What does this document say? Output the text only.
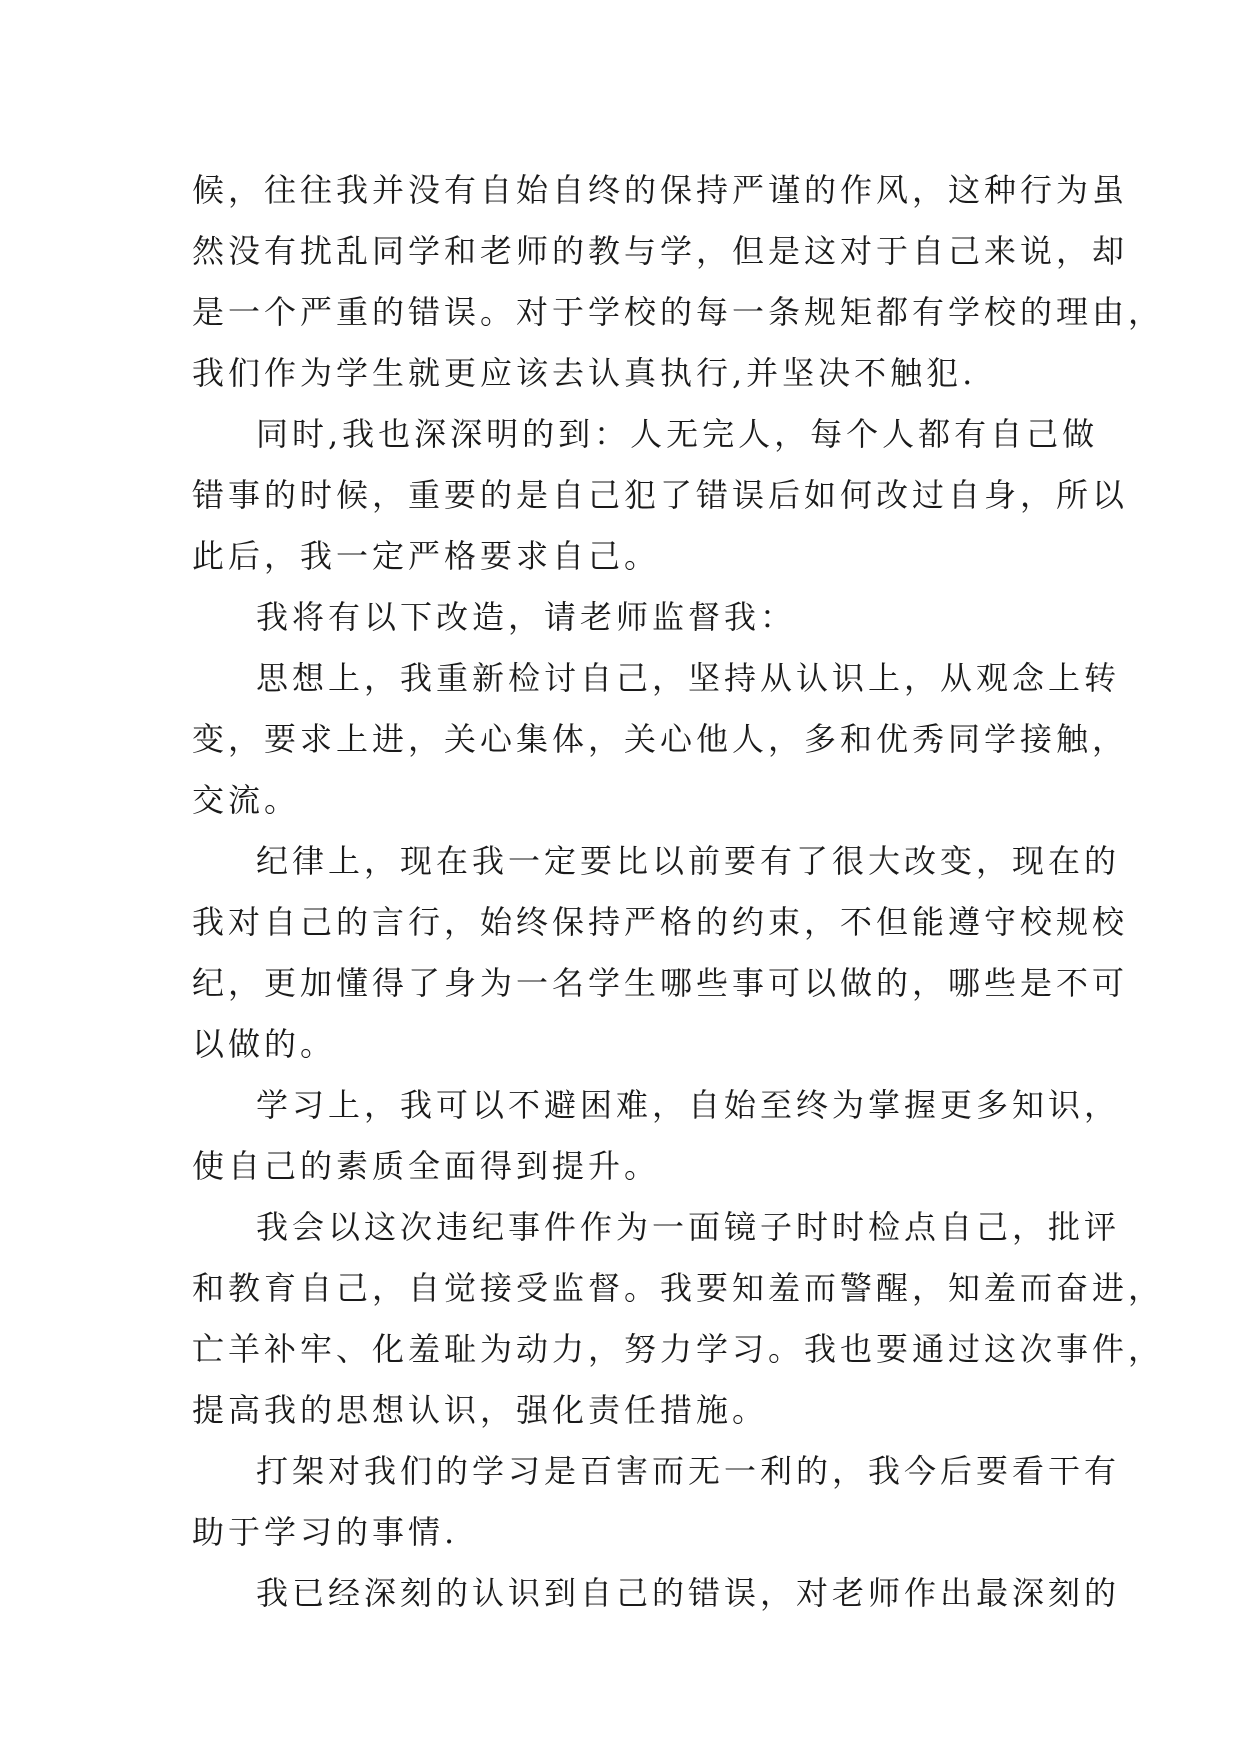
候，往往我并没有自始自终的保持严谨的作风，这种行为虽
然没有扰乱同学和老师的教与学，但是这对于自己来说，却
是一个严重的错误。对于学校的每一条规矩都有学校的理由，
我们作为学生就更应该去认真执行,并坚决不触犯.
同时,我也深深明的到：人无完人，每个人都有自己做
错事的时候，重要的是自己犯了错误后如何改过自身，所以
此后，我一定严格要求自己。
我将有以下改造，请老师监督我：
思想上，我重新检讨自己，坚持从认识上，从观念上转
变，要求上进，关心集体，关心他人，多和优秀同学接触，
交流。
纪律上，现在我一定要比以前要有了很大改变，现在的
我对自己的言行，始终保持严格的约束，不但能遵守校规校
纪，更加懂得了身为一名学生哪些事可以做的，哪些是不可
以做的。
学习上，我可以不避困难，自始至终为掌握更多知识，
使自己的素质全面得到提升。
我会以这次违纪事件作为一面镜子时时检点自己，批评
和教育自己，自觉接受监督。我要知羞而警醒，知羞而奋进，
亡羊补牢、化羞耻为动力，努力学习。我也要通过这次事件，
提高我的思想认识，强化责任措施。
打架对我们的学习是百害而无一利的，我今后要看干有
助于学习的事情.
我已经深刻的认识到自己的错误，对老师作出最深刻的
